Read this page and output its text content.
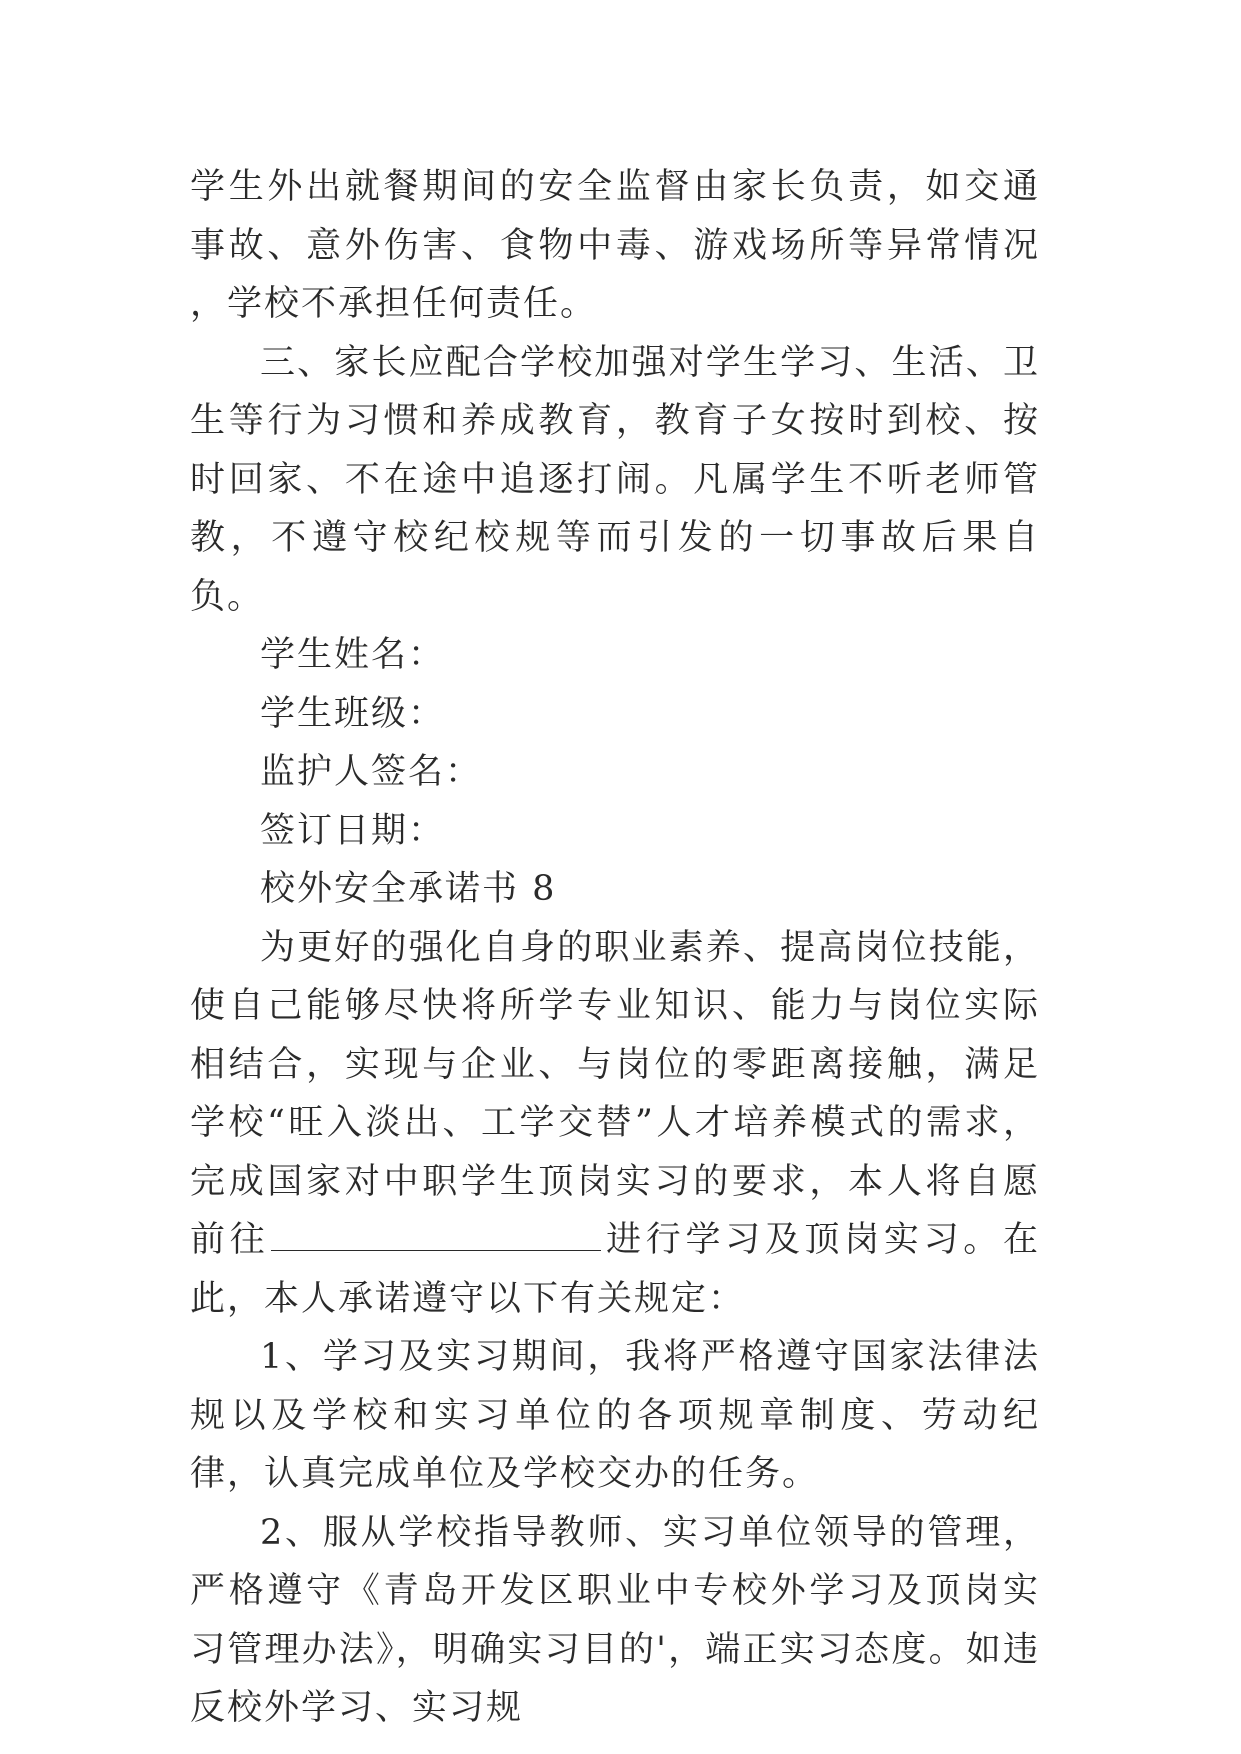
学生外出就餐期间的安全监督由家长负责，如交通事故、意外伤害、食物中毒、游戏场所等异常情况 ，学校不承担任何责任。

三、家长应配合学校加强对学生学习、生活、卫生等行为习惯和养成教育，教育子女按时到校、按时回家、不在途中追逐打闹。凡属学生不听老师管教，不遵守校纪校规等而引发的一切事故后果自负。

学生姓名：

学生班级：

监护人签名：

签订日期：

校外安全承诺书 8

为更好的强化自身的职业素养、提高岗位技能，使自己能够尽快将所学专业知识、能力与岗位实际相结合，实现与企业、与岗位的零距离接触，满足学校“旺入淡出、工学交替”人才培养模式的需求，完成国家对中职学生顶岗实习的要求，本人将自愿前往	进行学习及顶岗实习。在此，本人承诺遵守以下有关规定：

1、学习及实习期间，我将严格遵守国家法律法规以及学校和实习单位的各项规章制度、劳动纪律，认真完成单位及学校交办的任务。

2、服从学校指导教师、实习单位领导的管理，严格遵守《青岛开发区职业中专校外学习及顶岗实习管理办法》，明确实习目的'，端正实习态度。如违反校外学习、实习规
